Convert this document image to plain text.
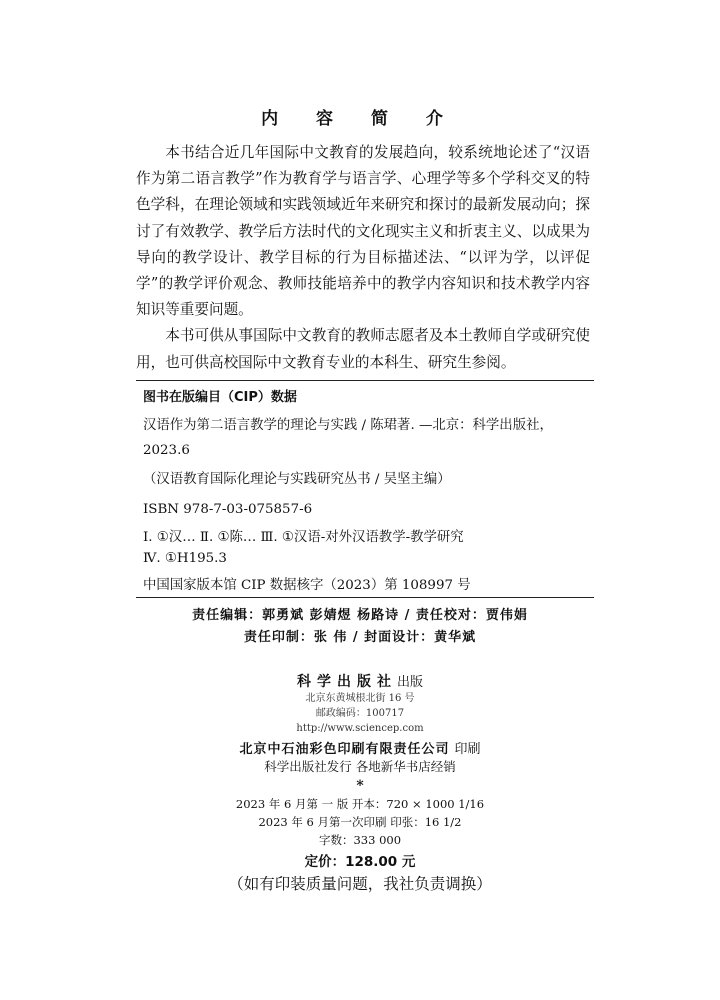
内 容 简 介

本书结合近几年国际中文教育的发展趋向，较系统地论述了“汉语作为第二语言教学”作为教育学与语言学、心理学等多个学科交叉的特色学科，在理论领域和实践领域近年来研究和探讨的最新发展动向；探讨了有效教学、教学后方法时代的文化现实主义和折衷主义、以成果为导向的教学设计、教学目标的行为目标描述法、“以评为学，以评促学”的教学评价观念、教师技能培养中的教学内容知识和技术教学内容知识等重要问题。

本书可供从事国际中文教育的教师志愿者及本土教师自学或研究使用，也可供高校国际中文教育专业的本科生、研究生参阅。

图书在版编目（CIP）数据
汉语作为第二语言教学的理论与实践 / 陈珺著. —北京：科学出版社，
2023.6
（汉语教育国际化理论与实践研究丛书 / 吴坚主编）
ISBN 978-7-03-075857-6
Ⅰ. ①汉… Ⅱ. ①陈… Ⅲ. ①汉语-对外汉语教学-教学研究
Ⅳ. ①H195.3
中国国家版本馆 CIP 数据核字（2023）第 108997 号
责任编辑：郭勇斌 彭婧煜 杨路诗 / 责任校对：贾伟娟
责任印制：张 伟 / 封面设计：黄华斌
科学出版社出版
北京东黄城根北街 16 号
邮政编码：100717
http://www.sciencep.com
北京中石油彩色印刷有限责任公司 印刷
科学出版社发行 各地新华书店经销
*
2023 年 6 月第 一 版 开本：720 × 1000 1/16
2023 年 6 月第一次印刷 印张：16 1/2
字数：333 000
定价：128.00 元
（如有印装质量问题，我社负责调换）
